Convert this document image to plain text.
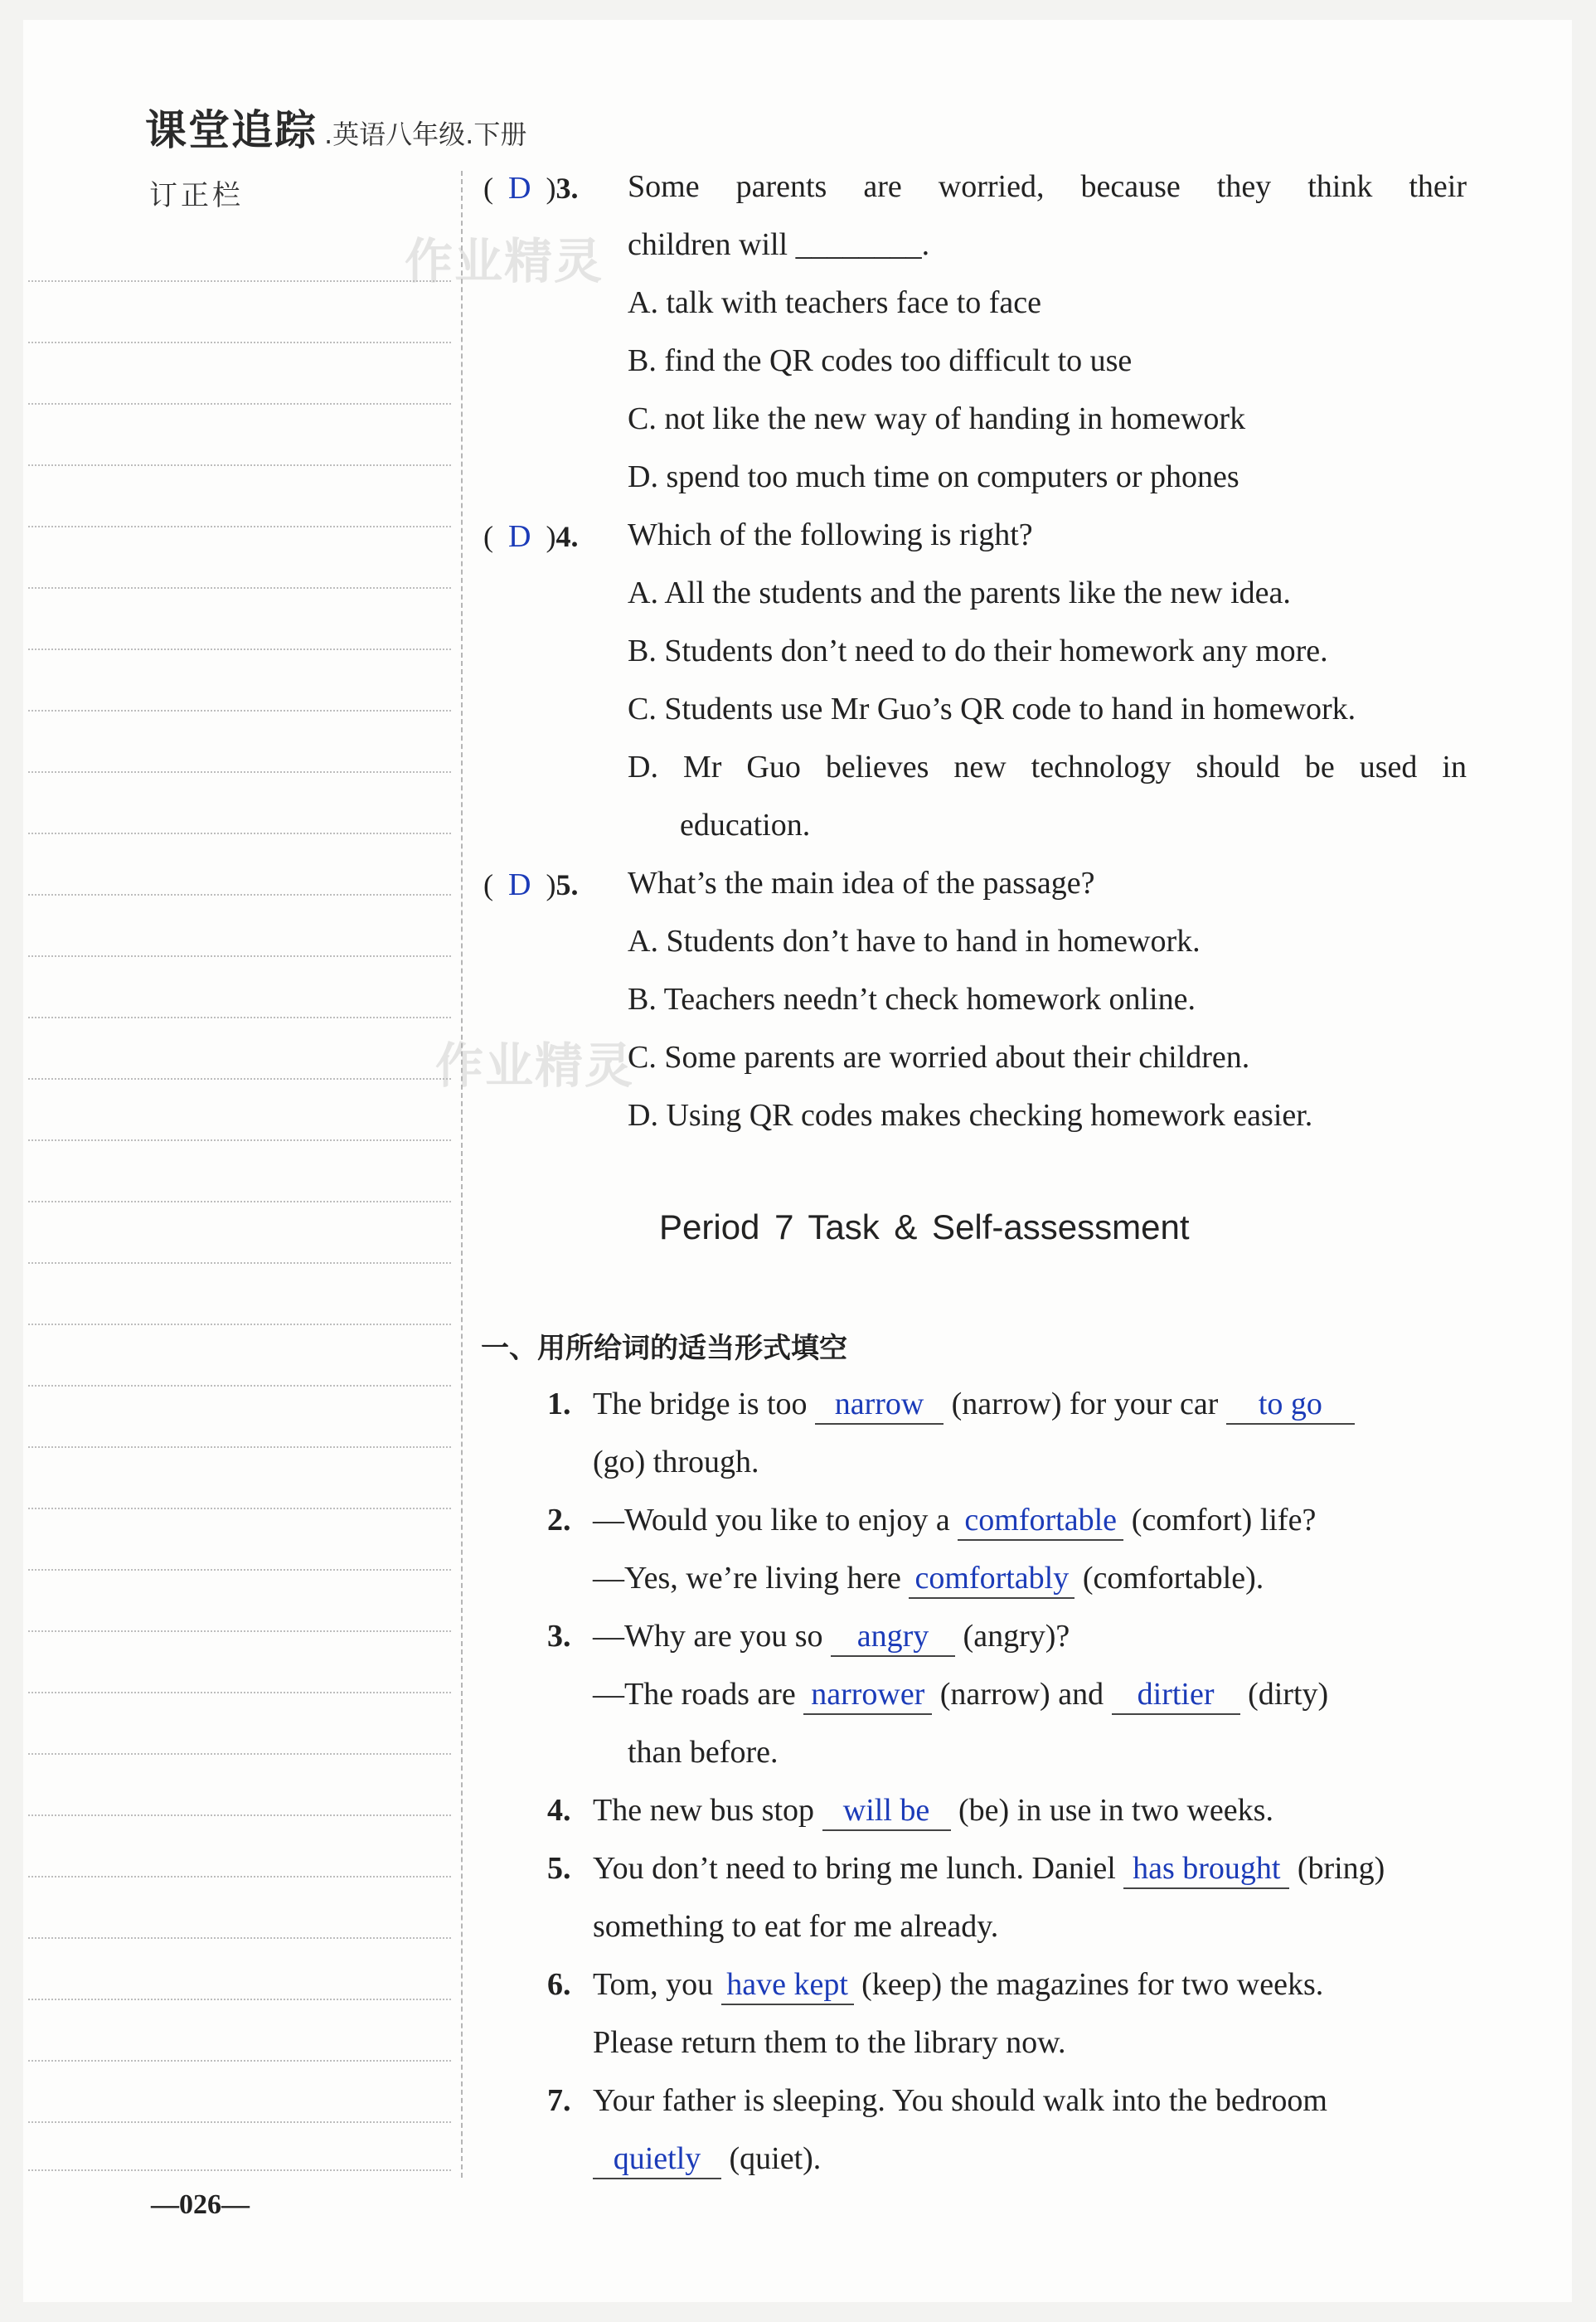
课堂追踪 .英语八年级.下册
订正栏
作业精灵
作业精灵
(  D  )3. Some parents are worried, because they think their
children will ________.
A. talk with teachers face to face
B. find the QR codes too difficult to use
C. not like the new way of handing in homework
D. spend too much time on computers or phones
(  D  )4. Which of the following is right?
A. All the students and the parents like the new idea.
B. Students don’t need to do their homework any more.
C. Students use Mr Guo’s QR code to hand in homework.
D. Mr Guo believes new technology should be used in
education.
(  D  )5. What’s the main idea of the passage?
A. Students don’t have to hand in homework.
B. Teachers needn’t check homework online.
C. Some parents are worried about their children.
D. Using QR codes makes checking homework easier.
Period 7 Task & Self-assessment
一、用所给词的适当形式填空
1. The bridge is too narrow (narrow) for your car to go
(go) through.
2. —Would you like to enjoy a comfortable (comfort) life?
—Yes, we’re living here comfortably (comfortable).
3. —Why are you so angry (angry)?
—The roads are narrower (narrow) and dirtier (dirty)
than before.
4. The new bus stop will be (be) in use in two weeks.
5. You don’t need to bring me lunch. Daniel has brought (bring)
something to eat for me already.
6. Tom, you have kept (keep) the magazines for two weeks.
Please return them to the library now.
7. Your father is sleeping. You should walk into the bedroom
quietly (quiet).
—026—
